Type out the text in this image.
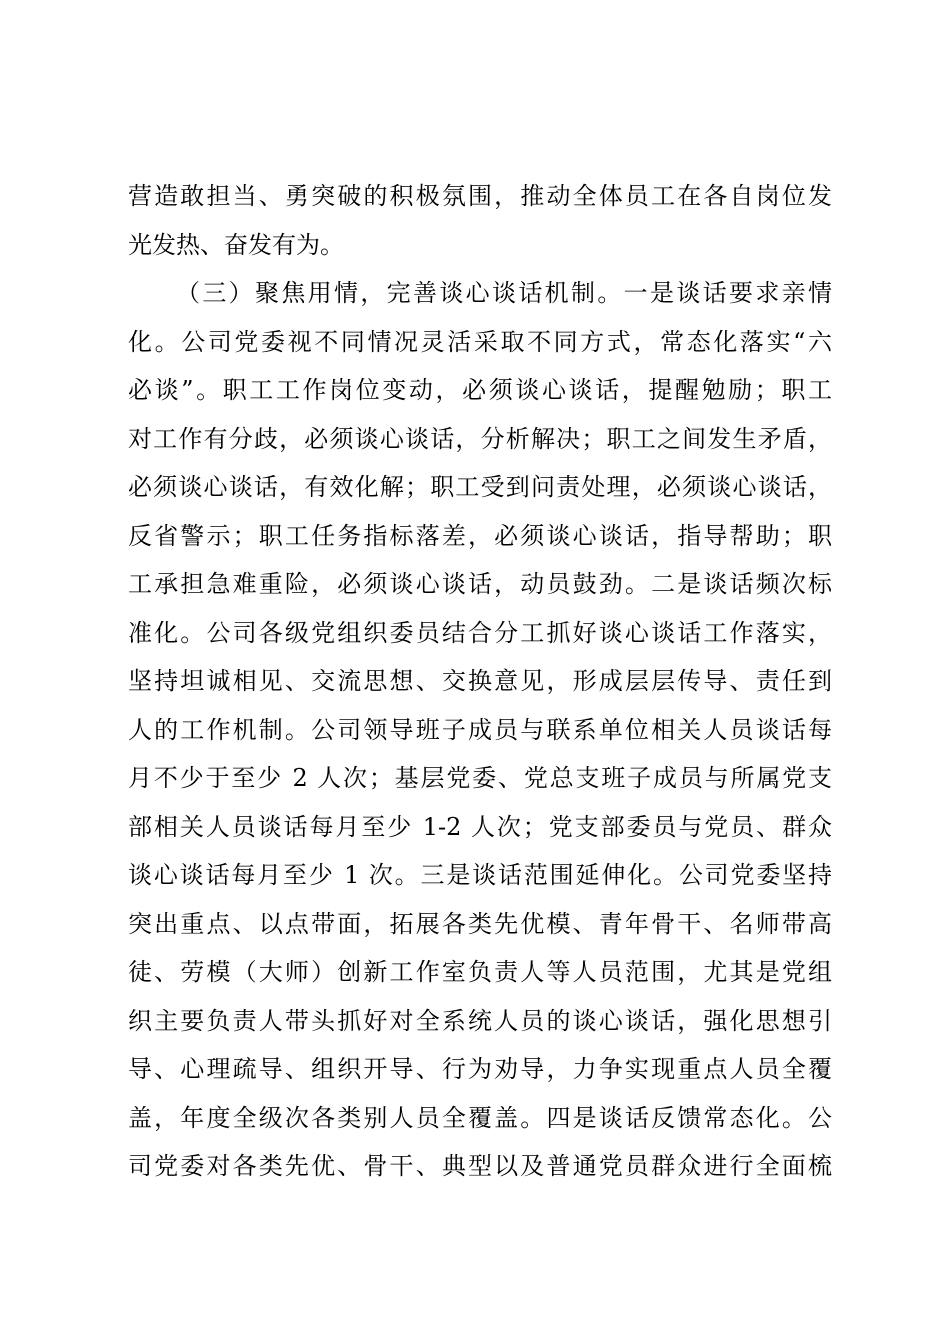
营造敢担当、勇突破的积极氛围，推动全体员工在各自岗位发
光发热、奋发有为。
（三）聚焦用情，完善谈心谈话机制。一是谈话要求亲情
化。公司党委视不同情况灵活采取不同方式，常态化落实“六
必谈”。职工工作岗位变动，必须谈心谈话，提醒勉励；职工
对工作有分歧，必须谈心谈话，分析解决；职工之间发生矛盾，
必须谈心谈话，有效化解；职工受到问责处理，必须谈心谈话，
反省警示；职工任务指标落差，必须谈心谈话，指导帮助；职
工承担急难重险，必须谈心谈话，动员鼓劲。二是谈话频次标
准化。公司各级党组织委员结合分工抓好谈心谈话工作落实，
坚持坦诚相见、交流思想、交换意见，形成层层传导、责任到
人的工作机制。公司领导班子成员与联系单位相关人员谈话每
月不少于至少 2 人次；基层党委、党总支班子成员与所属党支
部相关人员谈话每月至少 1-2 人次；党支部委员与党员、群众
谈心谈话每月至少 1 次。三是谈话范围延伸化。公司党委坚持
突出重点、以点带面，拓展各类先优模、青年骨干、名师带高
徒、劳模（大师）创新工作室负责人等人员范围，尤其是党组
织主要负责人带头抓好对全系统人员的谈心谈话，强化思想引
导、心理疏导、组织开导、行为劝导，力争实现重点人员全覆
盖，年度全级次各类别人员全覆盖。四是谈话反馈常态化。公
司党委对各类先优、骨干、典型以及普通党员群众进行全面梳
